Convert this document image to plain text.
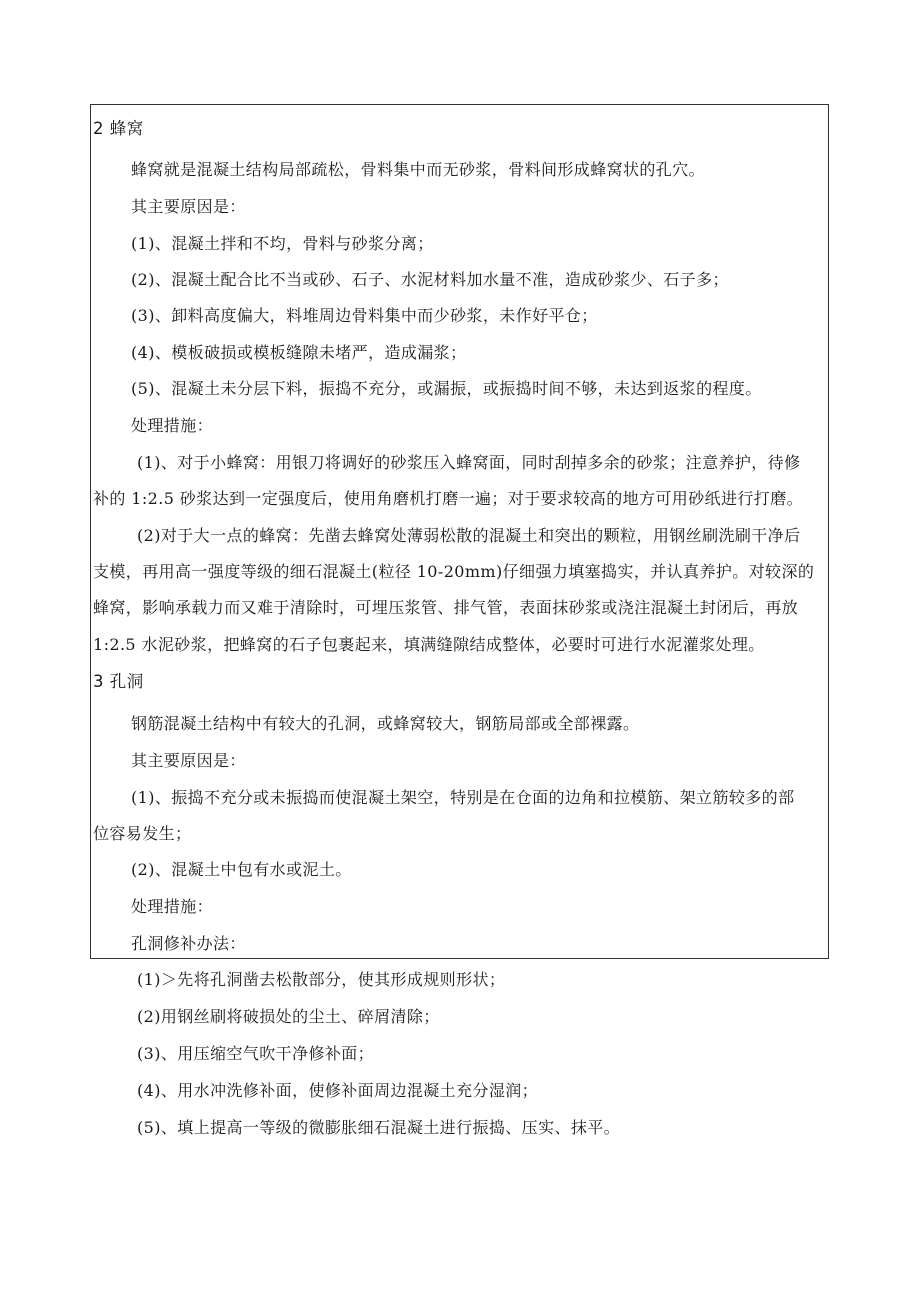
2 蜂窝
蜂窝就是混凝土结构局部疏松，骨料集中而无砂浆，骨料间形成蜂窝状的孔穴。
其主要原因是：
(1)、混凝土拌和不均，骨料与砂浆分离；
(2)、混凝土配合比不当或砂、石子、水泥材料加水量不准，造成砂浆少、石子多；
(3)、卸料高度偏大，料堆周边骨料集中而少砂浆，未作好平仓；
(4)、模板破损或模板缝隙未堵严，造成漏浆；
(5)、混凝土未分层下料，振捣不充分，或漏振，或振捣时间不够，未达到返浆的程度。
处理措施：
(1)、对于小蜂窝：用银刀将调好的砂浆压入蜂窝面，同时刮掉多余的砂浆；注意养护，待修
补的 1:2.5 砂浆达到一定强度后，使用角磨机打磨一遍；对于要求较高的地方可用砂纸进行打磨。
(2)对于大一点的蜂窝：先凿去蜂窝处薄弱松散的混凝土和突出的颗粒，用钢丝刷洗刷干净后
支模，再用高一强度等级的细石混凝土(粒径 10-20mm)仔细强力填塞捣实，并认真养护。对较深的
蜂窝，影响承载力而又难于清除时，可埋压浆管、排气管，表面抹砂浆或浇注混凝土封闭后，再放
1:2.5 水泥砂浆，把蜂窝的石子包裹起来，填满缝隙结成整体，必要时可进行水泥灌浆处理。
3 孔洞
钢筋混凝土结构中有较大的孔洞，或蜂窝较大，钢筋局部或全部裸露。
其主要原因是：
(1)、振捣不充分或未振捣而使混凝土架空，特别是在仓面的边角和拉模筋、架立筋较多的部
位容易发生；
(2)、混凝土中包有水或泥土。
处理措施：
孔洞修补办法：
(1)＞先将孔洞凿去松散部分，使其形成规则形状；
(2)用钢丝刷将破损处的尘土、碎屑清除；
(3)、用压缩空气吹干净修补面；
(4)、用水冲洗修补面，使修补面周边混凝土充分湿润；
(5)、填上提高一等级的微膨胀细石混凝土进行振捣、压实、抹平。
